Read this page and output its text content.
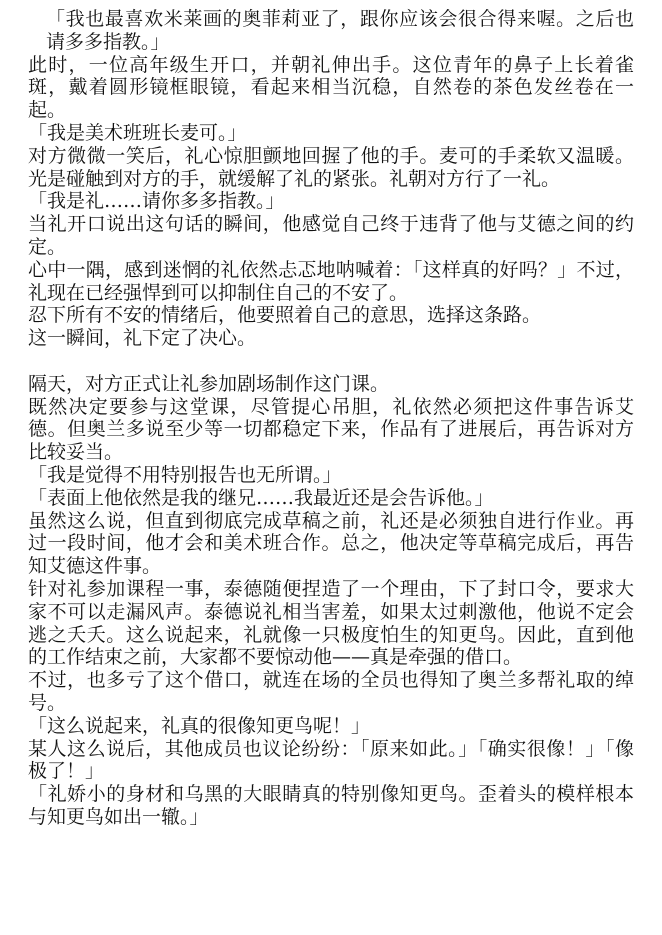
「我也最喜欢米莱画的奥菲莉亚了，跟你应该会很合得来喔。之后也请多多指教。」

此时，一位高年级生开口，并朝礼伸出手。这位青年的鼻子上长着雀斑，戴着圆形镜框眼镜，看起来相当沉稳，自然卷的茶色发丝卷在一起。

「我是美术班班长麦可。」

对方微微一笑后，礼心惊胆颤地回握了他的手。麦可的手柔软又温暖。光是碰触到对方的手，就缓解了礼的紧张。礼朝对方行了一礼。

「我是礼……请你多多指教。」

当礼开口说出这句话的瞬间，他感觉自己终于违背了他与艾德之间的约定。

心中一隅，感到迷惘的礼依然忐忑地呐喊着：「这样真的好吗？」不过，礼现在已经强悍到可以抑制住自己的不安了。

忍下所有不安的情绪后，他要照着自己的意思，选择这条路。

这一瞬间，礼下定了决心。

隔天，对方正式让礼参加剧场制作这门课。

既然决定要参与这堂课，尽管提心吊胆，礼依然必须把这件事告诉艾德。但奥兰多说至少等一切都稳定下来，作品有了进展后，再告诉对方比较妥当。

「我是觉得不用特别报告也无所谓。」

「表面上他依然是我的继兄……我最近还是会告诉他。」

虽然这么说，但直到彻底完成草稿之前，礼还是必须独自进行作业。再过一段时间，他才会和美术班合作。总之，他决定等草稿完成后，再告知艾德这件事。

针对礼参加课程一事，泰德随便捏造了一个理由，下了封口令，要求大家不可以走漏风声。泰德说礼相当害羞，如果太过刺激他，他说不定会逃之夭夭。这么说起来，礼就像一只极度怕生的知更鸟。因此，直到他的工作结束之前，大家都不要惊动他——真是牵强的借口。

不过，也多亏了这个借口，就连在场的全员也得知了奥兰多帮礼取的绰号。

「这么说起来，礼真的很像知更鸟呢！」

某人这么说后，其他成员也议论纷纷：「原来如此。」「确实很像！」「像极了！」

「礼娇小的身材和乌黑的大眼睛真的特别像知更鸟。歪着头的模样根本与知更鸟如出一辙。」
